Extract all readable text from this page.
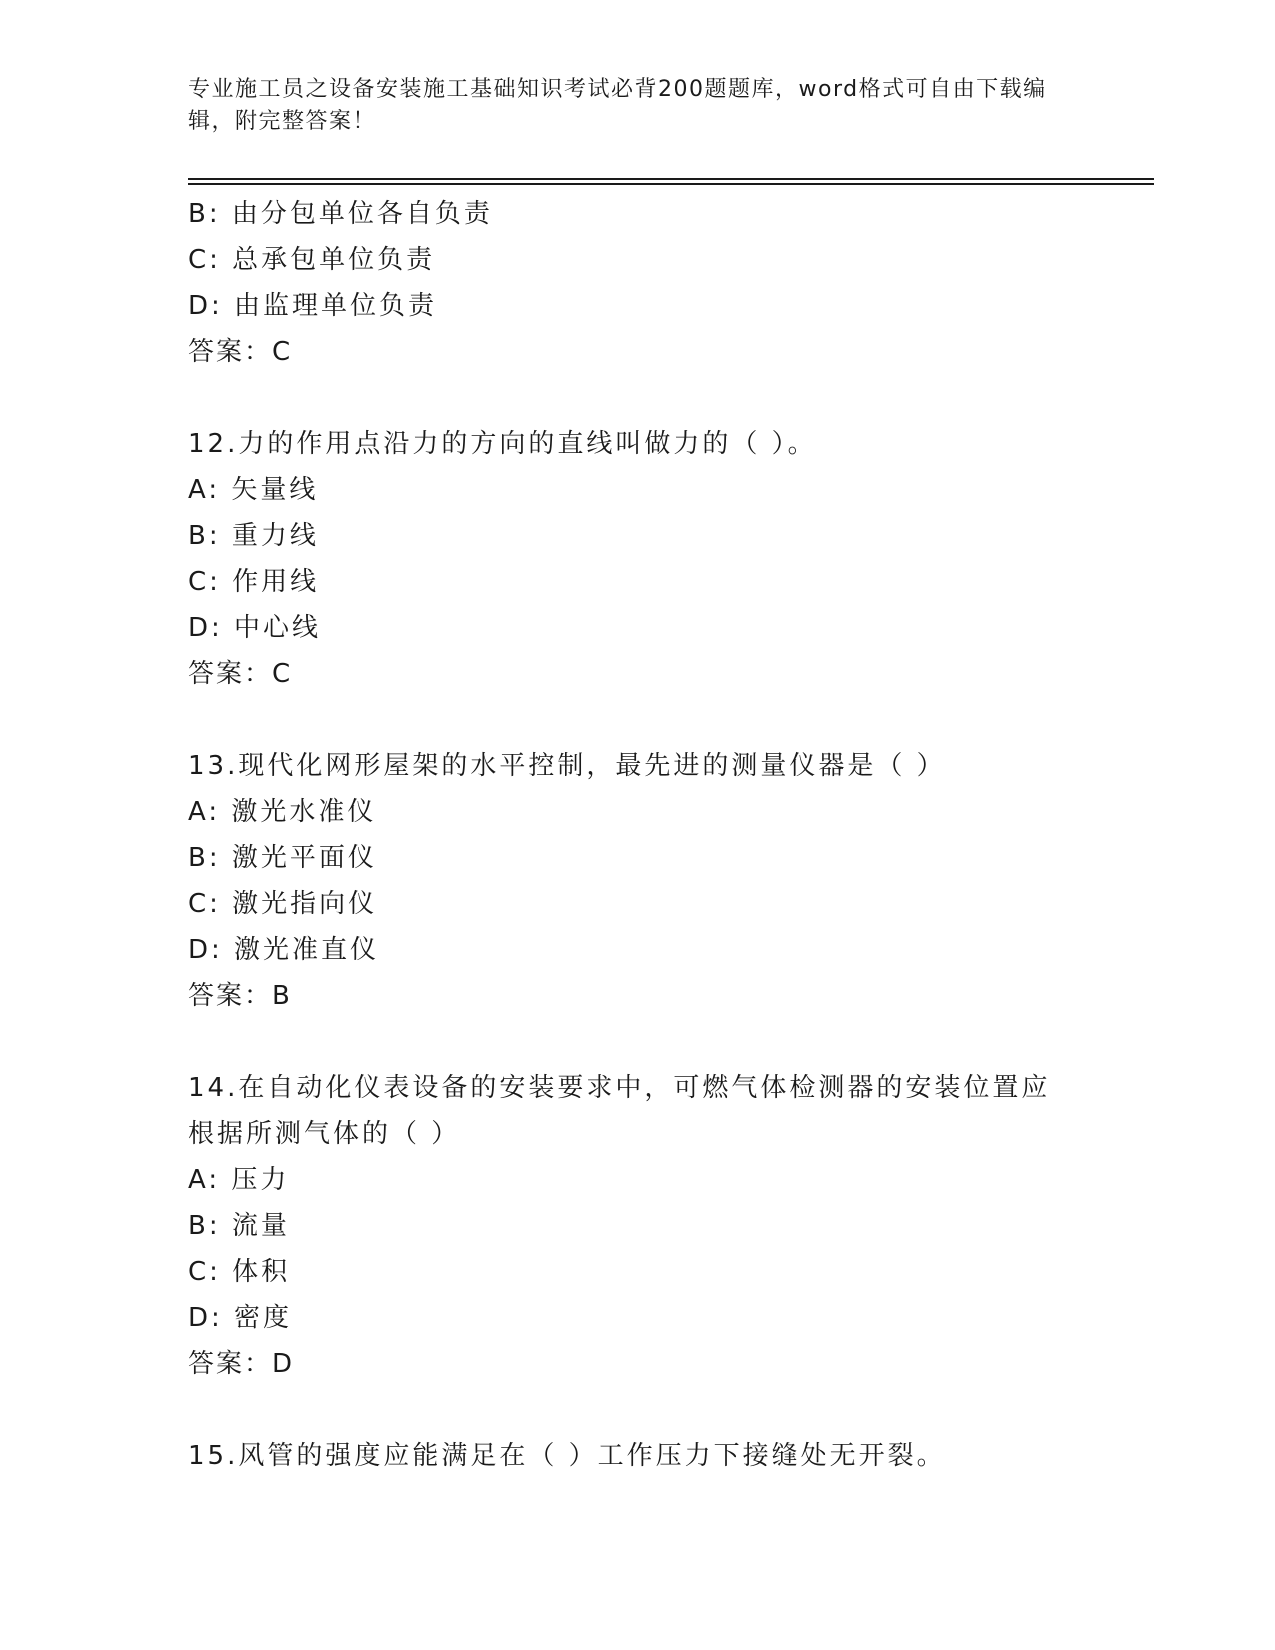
专业施工员之设备安装施工基础知识考试必背200题题库，word格式可自由下载编辑，附完整答案！
B: 由分包单位各自负责
C: 总承包单位负责
D: 由监理单位负责
答案：C
12.力的作用点沿力的方向的直线叫做力的（ ）。
A: 矢量线
B: 重力线
C: 作用线
D: 中心线
答案：C
13.现代化网形屋架的水平控制，最先进的测量仪器是（ ）
A: 激光水准仪
B: 激光平面仪
C: 激光指向仪
D: 激光准直仪
答案：B
14.在自动化仪表设备的安装要求中，可燃气体检测器的安装位置应根据所测气体的（ ）
A: 压力
B: 流量
C: 体积
D: 密度
答案：D
15.风管的强度应能满足在（ ）工作压力下接缝处无开裂。
